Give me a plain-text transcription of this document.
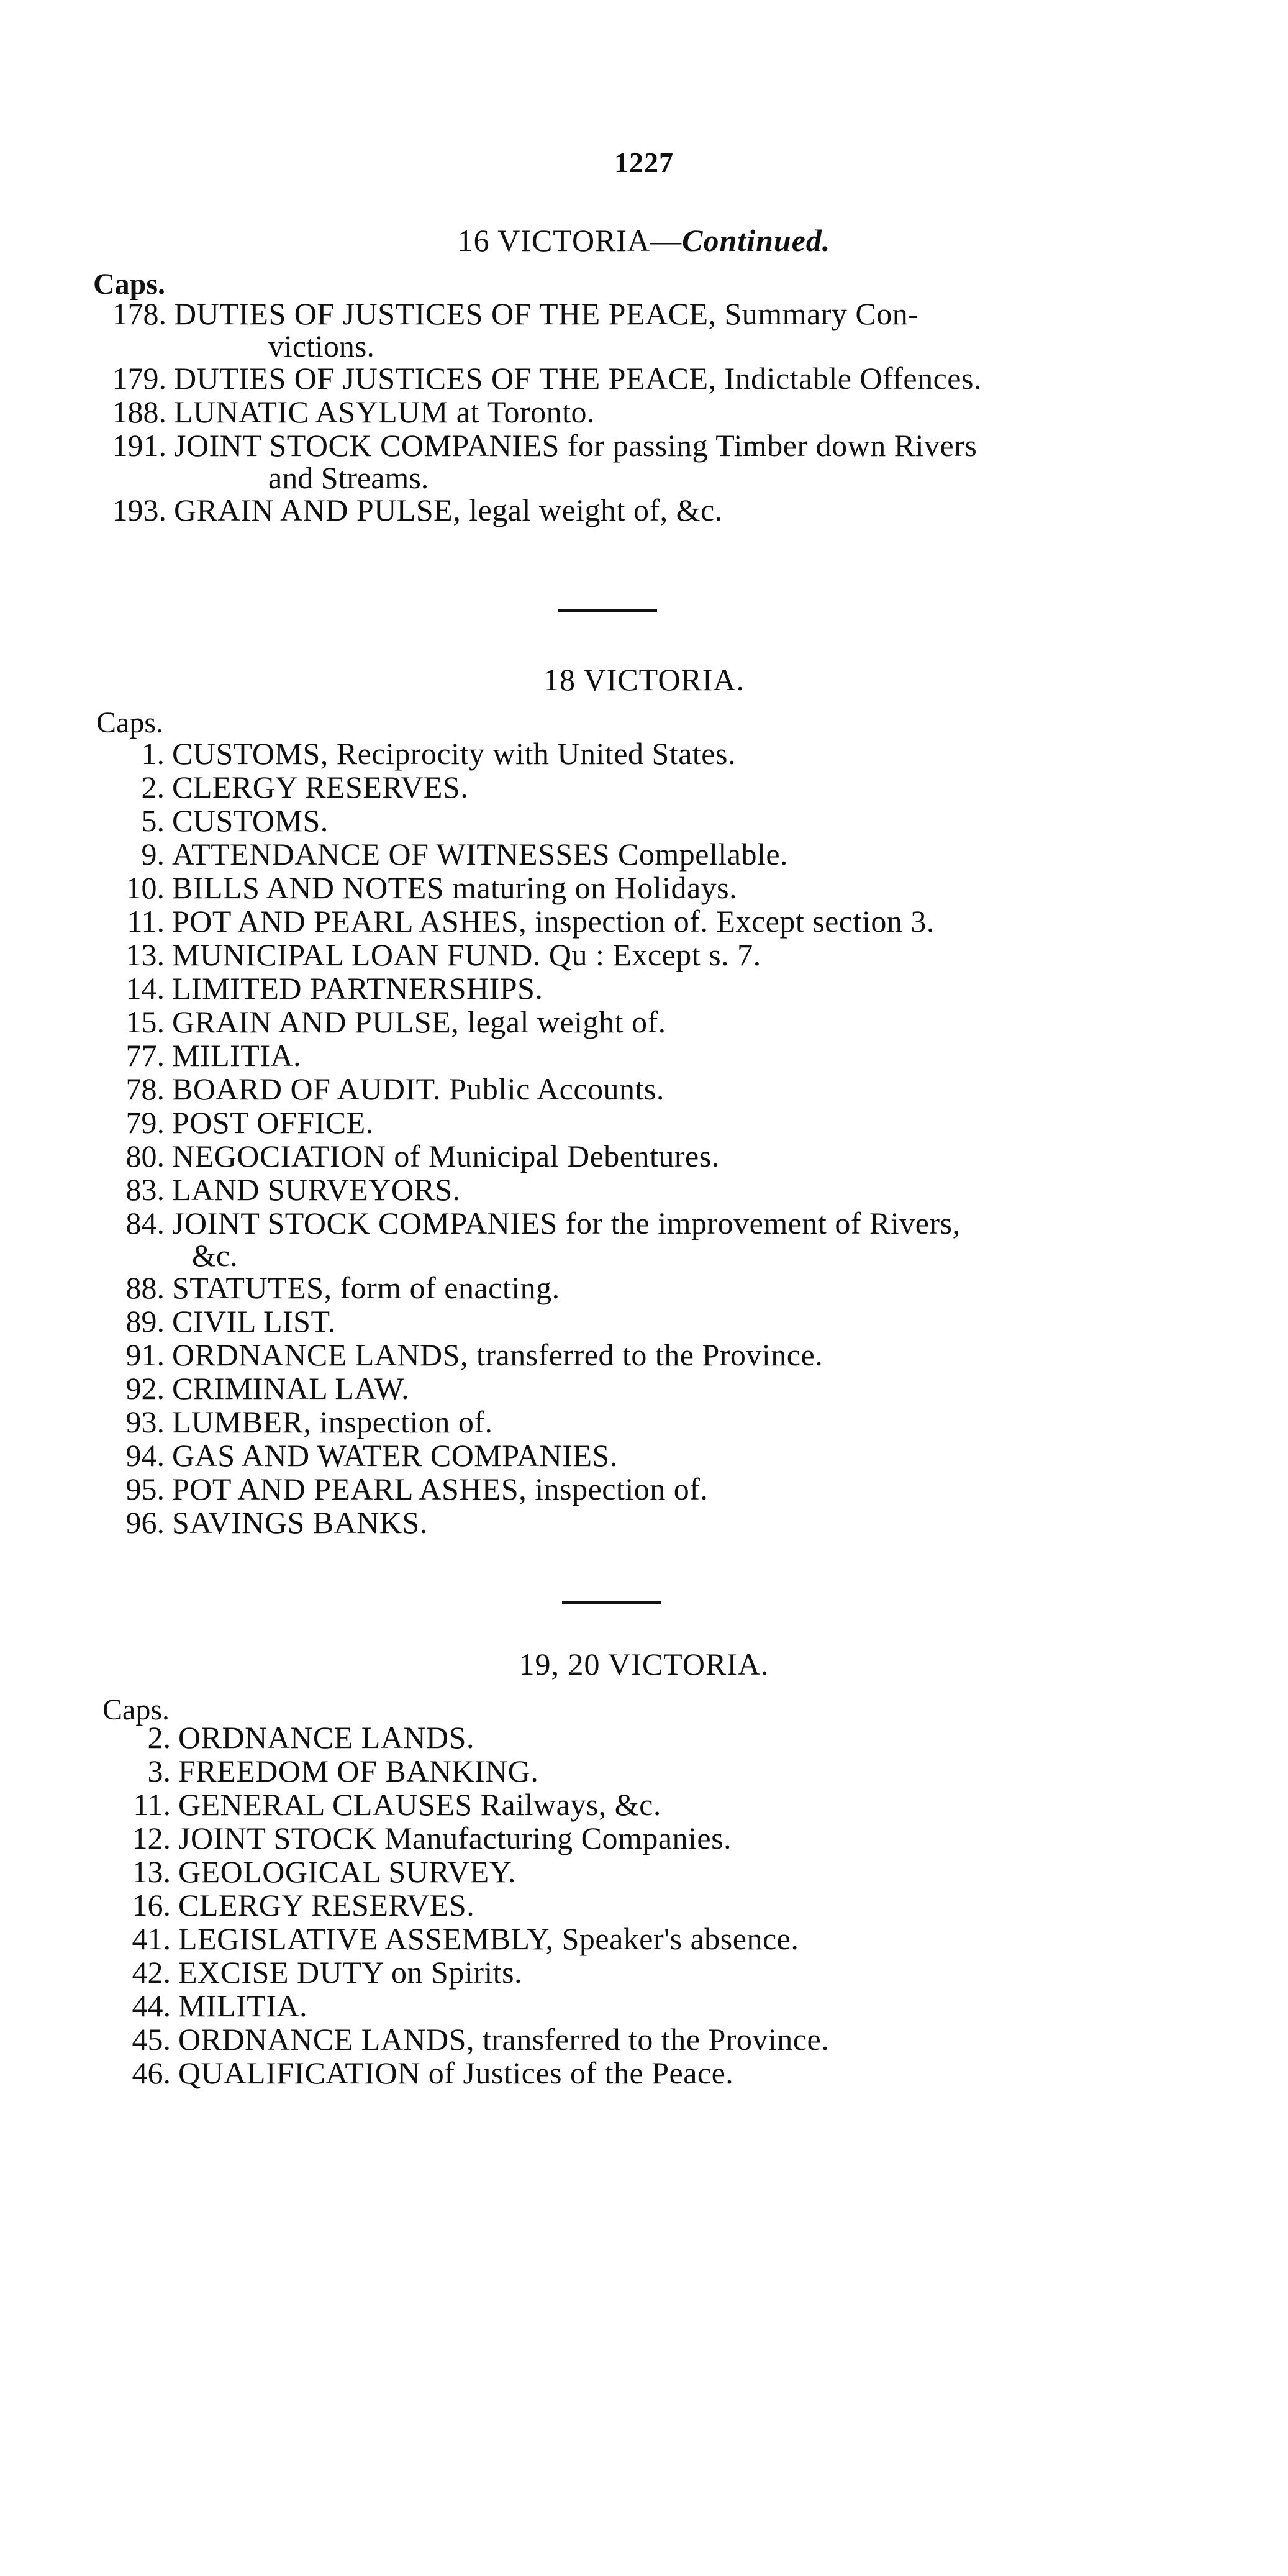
1227
16 VICTORIA—Continued.
Caps.
178. DUTIES OF JUSTICES OF THE PEACE, Summary Con-
victions.
179. DUTIES OF JUSTICES OF THE PEACE, Indictable Offences.
188. LUNATIC ASYLUM at Toronto.
191. JOINT STOCK COMPANIES for passing Timber down Rivers
and Streams.
193. GRAIN AND PULSE, legal weight of, &c.
18 VICTORIA.
Caps.
1. CUSTOMS, Reciprocity with United States.
2. CLERGY RESERVES.
5. CUSTOMS.
9. ATTENDANCE OF WITNESSES Compellable.
10. BILLS AND NOTES maturing on Holidays.
11. POT AND PEARL ASHES, inspection of. Except section 3.
13. MUNICIPAL LOAN FUND. Qu : Except s. 7.
14. LIMITED PARTNERSHIPS.
15. GRAIN AND PULSE, legal weight of.
77. MILITIA.
78. BOARD OF AUDIT. Public Accounts.
79. POST OFFICE.
80. NEGOCIATION of Municipal Debentures.
83. LAND SURVEYORS.
84. JOINT STOCK COMPANIES for the improvement of Rivers,
&c.
88. STATUTES, form of enacting.
89. CIVIL LIST.
91. ORDNANCE LANDS, transferred to the Province.
92. CRIMINAL LAW.
93. LUMBER, inspection of.
94. GAS AND WATER COMPANIES.
95. POT AND PEARL ASHES, inspection of.
96. SAVINGS BANKS.
19, 20 VICTORIA.
Caps.
2. ORDNANCE LANDS.
3. FREEDOM OF BANKING.
11. GENERAL CLAUSES Railways, &c.
12. JOINT STOCK Manufacturing Companies.
13. GEOLOGICAL SURVEY.
16. CLERGY RESERVES.
41. LEGISLATIVE ASSEMBLY, Speaker's absence.
42. EXCISE DUTY on Spirits.
44. MILITIA.
45. ORDNANCE LANDS, transferred to the Province.
46. QUALIFICATION of Justices of the Peace.
